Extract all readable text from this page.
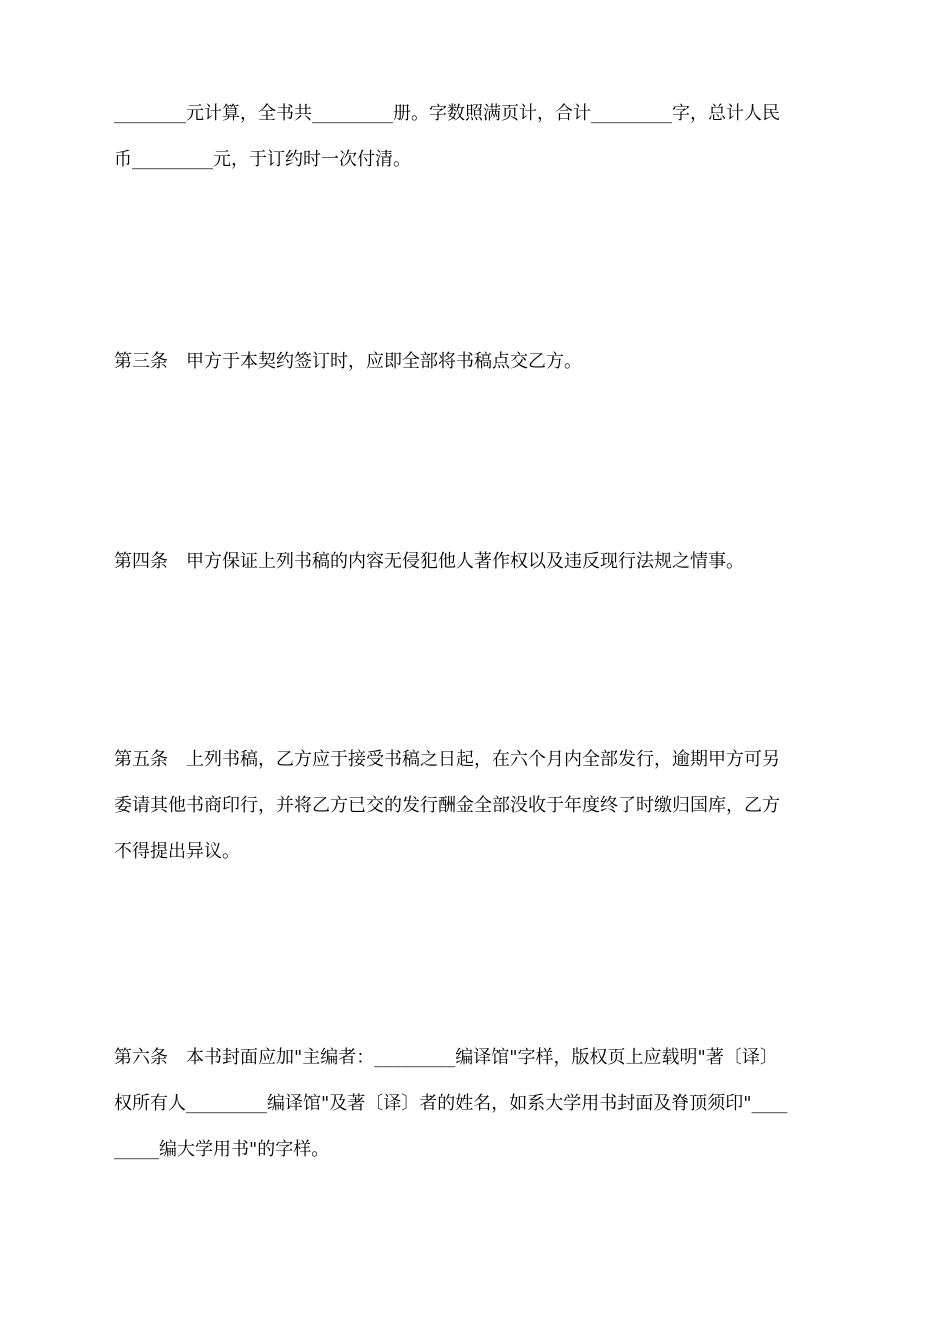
________元计算，全书共_________册。字数照满页计，合计_________字，总计人民
币_________元，于订约时一次付清。

第三条　甲方于本契约签订时，应即全部将书稿点交乙方。

第四条　甲方保证上列书稿的内容无侵犯他人著作权以及违反现行法规之情事。

第五条　上列书稿，乙方应于接受书稿之日起，在六个月内全部发行，逾期甲方可另
委请其他书商印行，并将乙方已交的发行酬金全部没收于年度终了时缴归国库，乙方
不得提出异议。

第六条　本书封面应加"主编者：_________编译馆"字样，版权页上应载明"著〔译〕
权所有人_________编译馆"及著〔译〕者的姓名，如系大学用书封面及脊顶须印"____
_____编大学用书"的字样。
